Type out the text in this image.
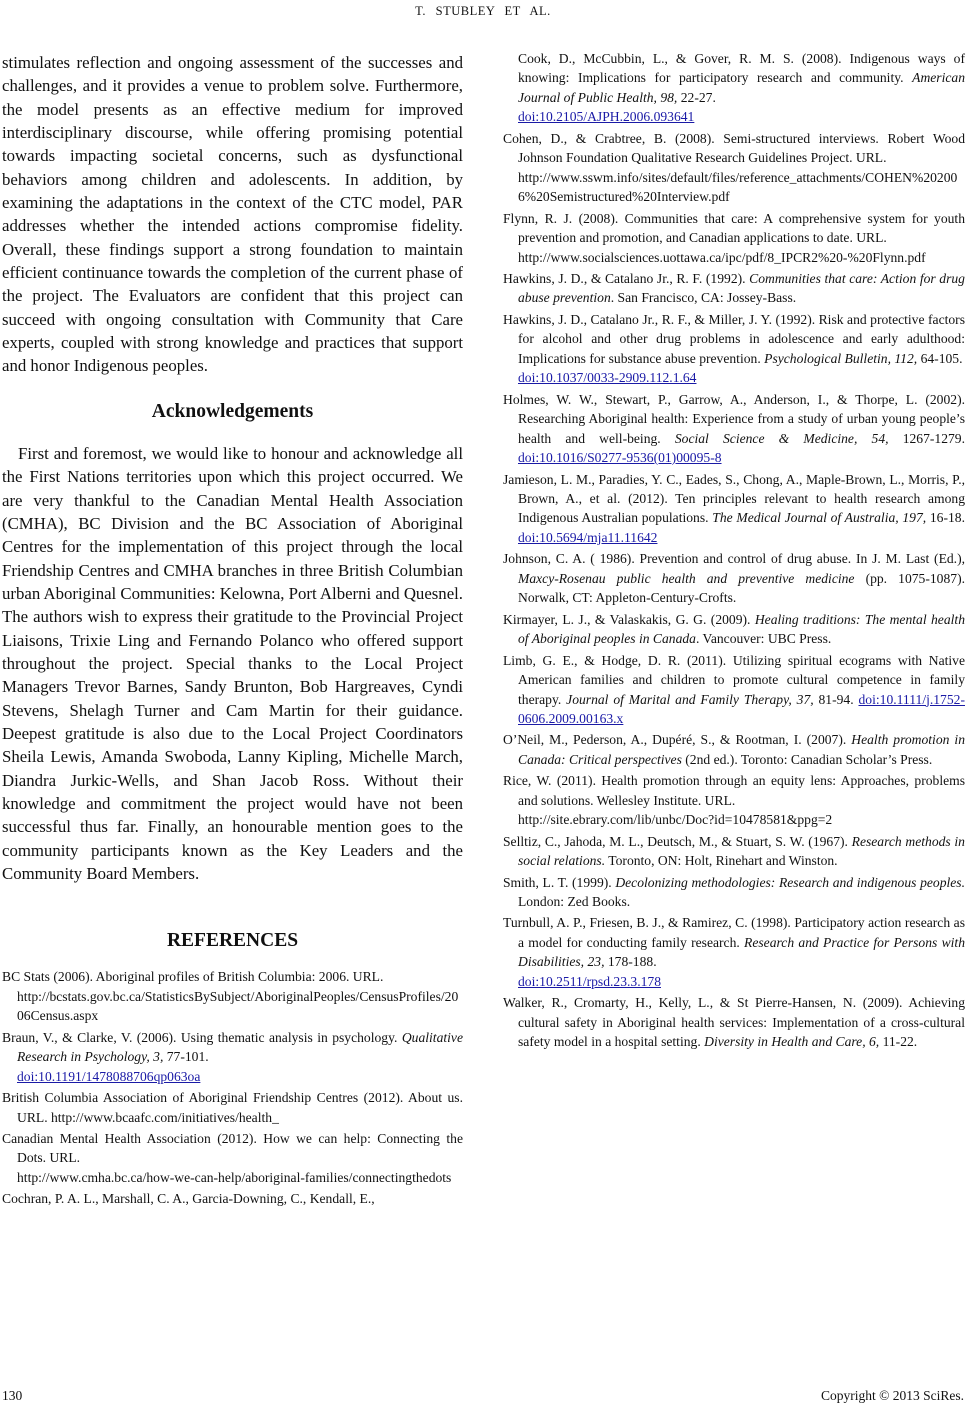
T. STUBLEY ET AL.

stimulates reflection and ongoing assessment of the successes and challenges, and it provides a venue to problem solve. Furthermore, the model presents as an effective medium for improved interdisciplinary discourse, while offering promising potential towards impacting societal concerns, such as dysfunctional behaviors among children and adolescents. In addition, by examining the adaptations in the context of the CTC model, PAR addresses whether the intended actions compromise fidelity. Overall, these findings support a strong foundation to maintain efficient continuance towards the completion of the current phase of the project. The Evaluators are confident that this project can succeed with ongoing consultation with Community that Care experts, coupled with strong knowledge and practices that support and honor Indigenous peoples.

Acknowledgements

First and foremost, we would like to honour and acknowledge all the First Nations territories upon which this project occurred. We are very thankful to the Canadian Mental Health Association (CMHA), BC Division and the BC Association of Aboriginal Centres for the implementation of this project through the local Friendship Centres and CMHA branches in three British Columbian urban Aboriginal Communities: Kelowna, Port Alberni and Quesnel. The authors wish to express their gratitude to the Provincial Project Liaisons, Trixie Ling and Fernando Polanco who offered support throughout the project. Special thanks to the Local Project Managers Trevor Barnes, Sandy Brunton, Bob Hargreaves, Cyndi Stevens, Shelagh Turner and Cam Martin for their guidance. Deepest gratitude is also due to the Local Project Coordinators Sheila Lewis, Amanda Swoboda, Lanny Kipling, Michelle March, Diandra Jurkic-Wells, and Shan Jacob Ross. Without their knowledge and commitment the project would have not been successful thus far. Finally, an honourable mention goes to the community participants known as the Key Leaders and the Community Board Members.

REFERENCES
BC Stats (2006). Aboriginal profiles of British Columbia: 2006. URL.
http://bcstats.gov.bc.ca/StatisticsBySubject/AboriginalPeoples/CensusProfiles/2006Census.aspx
Braun, V., & Clarke, V. (2006). Using thematic analysis in psychology. Qualitative Research in Psychology, 3, 77-101.
doi:10.1191/1478088706qp063oa
British Columbia Association of Aboriginal Friendship Centres (2012). About us. URL. http://www.bcaafc.com/initiatives/health_
Canadian Mental Health Association (2012). How we can help: Connecting the Dots. URL.
http://www.cmha.bc.ca/how-we-can-help/aboriginal-families/connectingthedots
Cochran, P. A. L., Marshall, C. A., Garcia-Downing, C., Kendall, E.,
Cook, D., McCubbin, L., & Gover, R. M. S. (2008). Indigenous ways of knowing: Implications for participatory research and community. American Journal of Public Health, 98, 22-27.
doi:10.2105/AJPH.2006.093641
Cohen, D., & Crabtree, B. (2008). Semi-structured interviews. Robert Wood Johnson Foundation Qualitative Research Guidelines Project. URL.
http://www.sswm.info/sites/default/files/reference_attachments/COHEN%202006%20Semistructured%20Interview.pdf
Flynn, R. J. (2008). Communities that care: A comprehensive system for youth prevention and promotion, and Canadian applications to date. URL.
http://www.socialsciences.uottawa.ca/ipc/pdf/8_IPCR2%20-%20Flynn.pdf
Hawkins, J. D., & Catalano Jr., R. F. (1992). Communities that care: Action for drug abuse prevention. San Francisco, CA: Jossey-Bass.
Hawkins, J. D., Catalano Jr., R. F., & Miller, J. Y. (1992). Risk and protective factors for alcohol and other drug problems in adolescence and early adulthood: Implications for substance abuse prevention. Psychological Bulletin, 112, 64-105.
doi:10.1037/0033-2909.112.1.64
Holmes, W. W., Stewart, P., Garrow, A., Anderson, I., & Thorpe, L. (2002). Researching Aboriginal health: Experience from a study of urban young people’s health and well-being. Social Science & Medicine, 54, 1267-1279. doi:10.1016/S0277-9536(01)00095-8
Jamieson, L. M., Paradies, Y. C., Eades, S., Chong, A., Maple-Brown, L., Morris, P., Brown, A., et al. (2012). Ten principles relevant to health research among Indigenous Australian populations. The Medical Journal of Australia, 197, 16-18. doi:10.5694/mja11.11642
Johnson, C. A. ( 1986). Prevention and control of drug abuse. In J. M. Last (Ed.), Maxcy-Rosenau public health and preventive medicine (pp. 1075-1087). Norwalk, CT: Appleton-Century-Crofts.
Kirmayer, L. J., & Valaskakis, G. G. (2009). Healing traditions: The mental health of Aboriginal peoples in Canada. Vancouver: UBC Press.
Limb, G. E., & Hodge, D. R. (2011). Utilizing spiritual ecograms with Native American families and children to promote cultural competence in family therapy. Journal of Marital and Family Therapy, 37, 81-94. doi:10.1111/j.1752-0606.2009.00163.x
O’Neil, M., Pederson, A., Dupéré, S., & Rootman, I. (2007). Health promotion in Canada: Critical perspectives (2nd ed.). Toronto: Canadian Scholar’s Press.
Rice, W. (2011). Health promotion through an equity lens: Approaches, problems and solutions. Wellesley Institute. URL.
http://site.ebrary.com/lib/unbc/Doc?id=10478581&ppg=2
Selltiz, C., Jahoda, M. L., Deutsch, M., & Stuart, S. W. (1967). Research methods in social relations. Toronto, ON: Holt, Rinehart and Winston.
Smith, L. T. (1999). Decolonizing methodologies: Research and indigenous peoples. London: Zed Books.
Turnbull, A. P., Friesen, B. J., & Ramirez, C. (1998). Participatory action research as a model for conducting family research. Research and Practice for Persons with Disabilities, 23, 178-188.
doi:10.2511/rpsd.23.3.178
Walker, R., Cromarty, H., Kelly, L., & St Pierre-Hansen, N. (2009). Achieving cultural safety in Aboriginal health services: Implementation of a cross-cultural safety model in a hospital setting. Diversity in Health and Care, 6, 11-22.
130	Copyright © 2013 SciRes.
